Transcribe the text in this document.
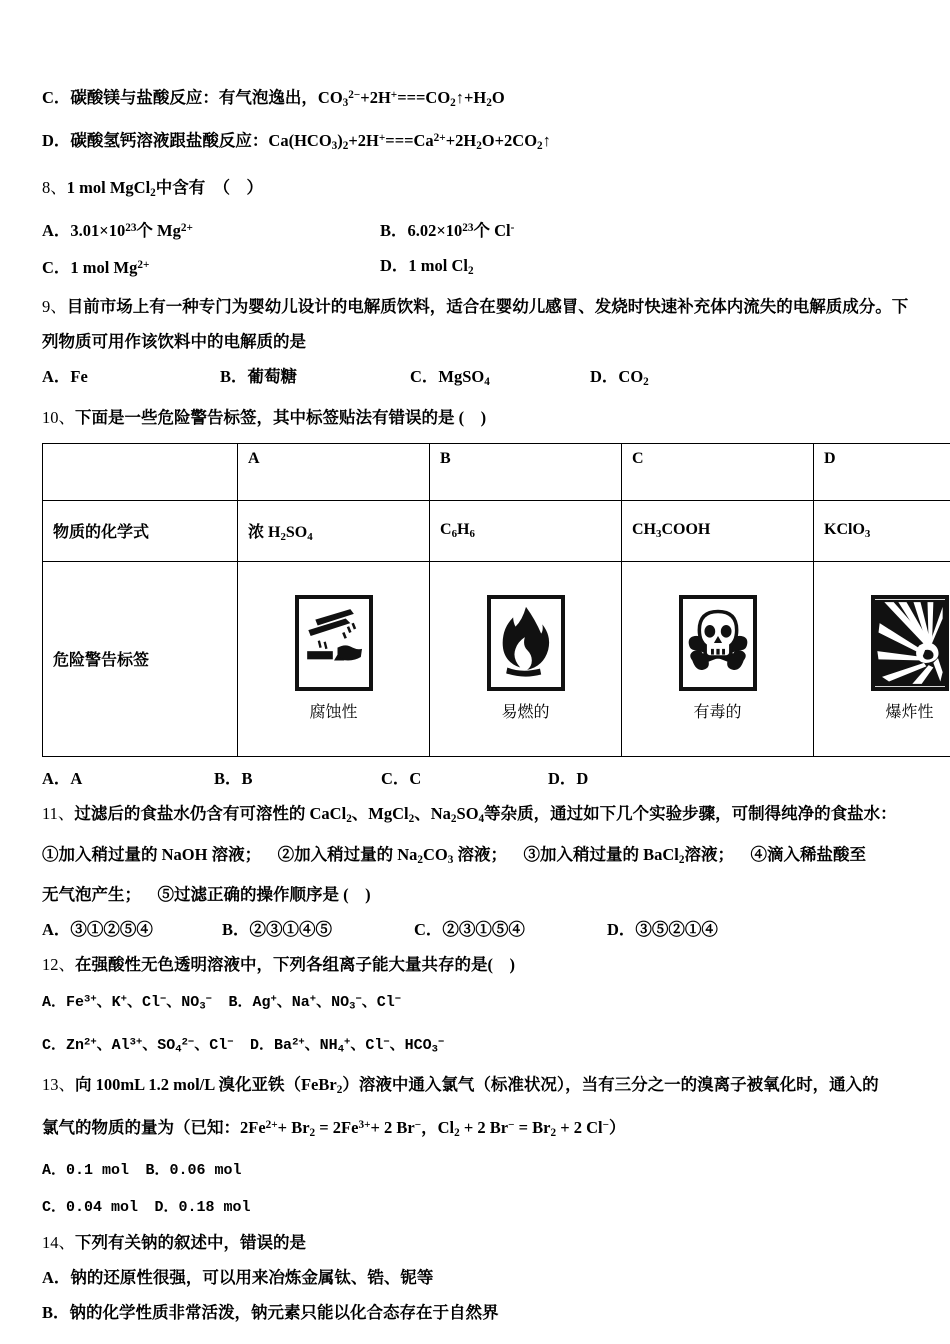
C．碳酸镁与盐酸反应：有气泡逸出，$CO_3^{2-}+2H^+===CO_2↑+H_2O$
D．碳酸氢钙溶液跟盐酸反应：$Ca(HCO_3)_2+2H^+===Ca^{2+}+2H_2O+2CO_2↑$
8、1 mol MgCl$_2$中含有  （    ）
A．$3.01\times 10^{23}$个 $Mg^{2+}$	B．$6.02\times 10^{23}$个 Cl-
C．1 mol $Mg^{2+}$	D．1 mol $Cl_2$
9、目前市场上有一种专门为婴幼儿设计的电解质饮料，适合在婴幼儿感冒、发烧时快速补充体内流失的电解质成分。下
列物质可用作该饮料中的电解质的是
A．Fe	B．葡萄糖	C．MgSO$_4$	D．$CO_2$
10、下面是一些危险警告标签，其中标签贴法有错误的是 (    )
	A	B	C	D
物质的化学式	浓 $H_2SO_4$	$C_6H_6$	$CH_3COOH$	KClO$_3$
危险警告标签	腐蚀性	易燃的	有毒的	爆炸性
A．A	B．B	C．C	D．D
11、过滤后的食盐水仍含有可溶性的 CaCl$_2$、MgCl$_2$、$Na_2SO_4$等杂质，通过如下几个实验步骤，可制得纯净的食盐水：
①加入稍过量的 NaOH 溶液；    ②加入稍过量的 $Na_2CO_3$ 溶液；    ③加入稍过量的 BaCl$_2$溶液；    ④滴入稀盐酸至
无气泡产生；    ⑤过滤正确的操作顺序是 (    )
A．③①②⑤④	B．②③①④⑤	C．②③①⑤④	D．③⑤②①④
12、在强酸性无色透明溶液中，下列各组离子能大量共存的是(    )
A．$Fe^{3+}$、K+、Cl−、$NO_3^-$ B．Ag+、Na+、$NO_3^-$、Cl−
C．$Zn^{2+}$、$Al^{3+}$、$SO_4^{2-}$、Cl− D．$Ba^{2+}$、$NH_4^+$、Cl−、$HCO_3^-$
13、向 100mL 1.2 mol/L 溴化亚铁（FeBr$_2$）溶液中通入氯气（标准状况），当有三分之一的溴离子被氧化时，通入的
氯气的物质的量为（已知：$2Fe^{2+}+ Br_2 = 2Fe^{3+}+ 2$ Br−，$Cl_2 + 2$ $Br^- = Br_2 + 2$ Cl−）
A．0.1 mol B．0.06 mol
C．0.04 mol D．0.18 mol
14、下列有关钠的叙述中，错误的是
A．钠的还原性很强，可以用来冶炼金属钛、锆、铌等
B．钠的化学性质非常活泼，钠元素只能以化合态存在于自然界
